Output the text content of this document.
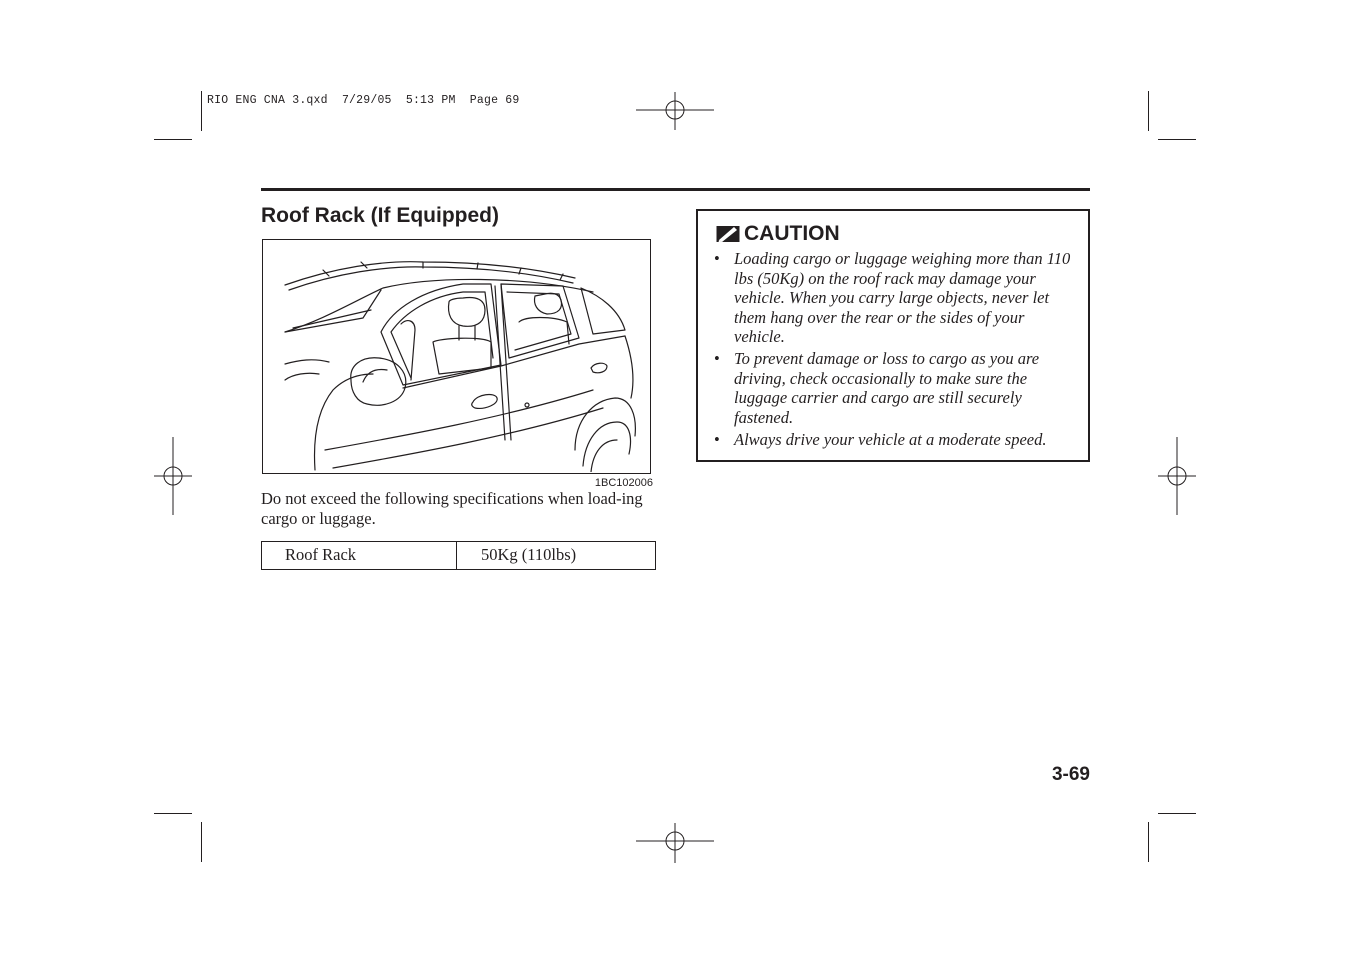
RIO ENG CNA 3.qxd 7/29/05 5:13 PM Page 69
Roof Rack (If Equipped)
1BC102006
Do not exceed the following specifications when load-ing cargo or luggage.
Roof Rack	50Kg (110lbs)
CAUTION
• Loading cargo or luggage weighing more than 110 lbs (50Kg) on the roof rack may damage your vehicle. When you carry large objects, never let them hang over the rear or the sides of your vehicle.
• To prevent damage or loss to cargo as you are driving, check occasionally to make sure the luggage carrier and cargo are still securely fastened.
• Always drive your vehicle at a moderate speed.
3-69
